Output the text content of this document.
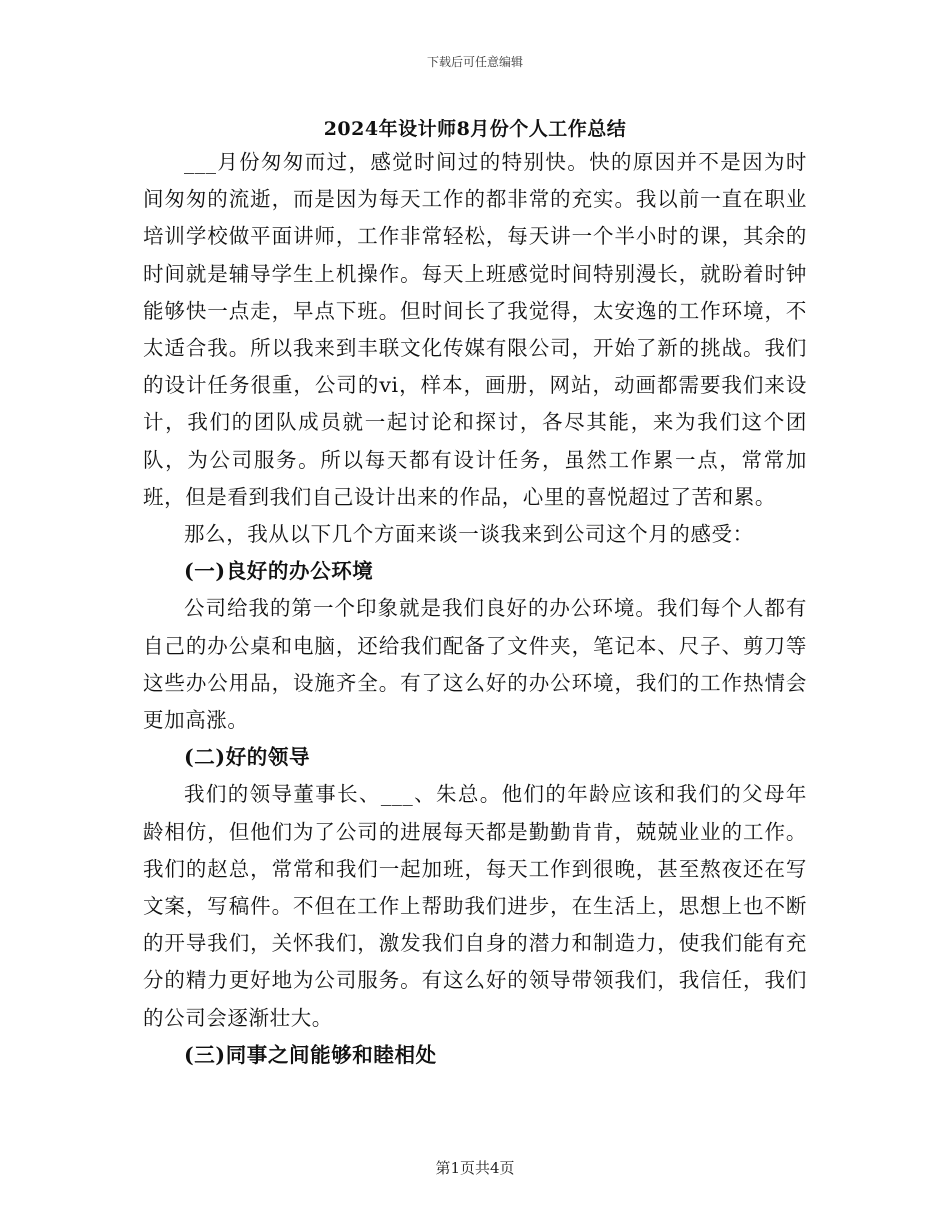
下载后可任意编辑
2024年设计师8月份个人工作总结

___月份匆匆而过，感觉时间过的特别快。快的原因并不是因为时间匆匆的流逝，而是因为每天工作的都非常的充实。我以前一直在职业培训学校做平面讲师，工作非常轻松，每天讲一个半小时的课，其余的时间就是辅导学生上机操作。每天上班感觉时间特别漫长，就盼着时钟能够快一点走，早点下班。但时间长了我觉得，太安逸的工作环境，不太适合我。所以我来到丰联文化传媒有限公司，开始了新的挑战。我们的设计任务很重，公司的vi，样本，画册，网站，动画都需要我们来设计，我们的团队成员就一起讨论和探讨，各尽其能，来为我们这个团队，为公司服务。所以每天都有设计任务，虽然工作累一点，常常加班，但是看到我们自己设计出来的作品，心里的喜悦超过了苦和累。

那么，我从以下几个方面来谈一谈我来到公司这个月的感受：

(一)良好的办公环境

公司给我的第一个印象就是我们良好的办公环境。我们每个人都有自己的办公桌和电脑，还给我们配备了文件夹，笔记本、尺子、剪刀等这些办公用品，设施齐全。有了这么好的办公环境，我们的工作热情会更加高涨。

(二)好的领导

我们的领导董事长、___、朱总。他们的年龄应该和我们的父母年龄相仿，但他们为了公司的进展每天都是勤勤肯肯，兢兢业业的工作。我们的赵总，常常和我们一起加班，每天工作到很晚，甚至熬夜还在写文案，写稿件。不但在工作上帮助我们进步，在生活上，思想上也不断的开导我们，关怀我们，激发我们自身的潜力和制造力，使我们能有充分的精力更好地为公司服务。有这么好的领导带领我们，我信任，我们的公司会逐渐壮大。

(三)同事之间能够和睦相处

第1页共4页
